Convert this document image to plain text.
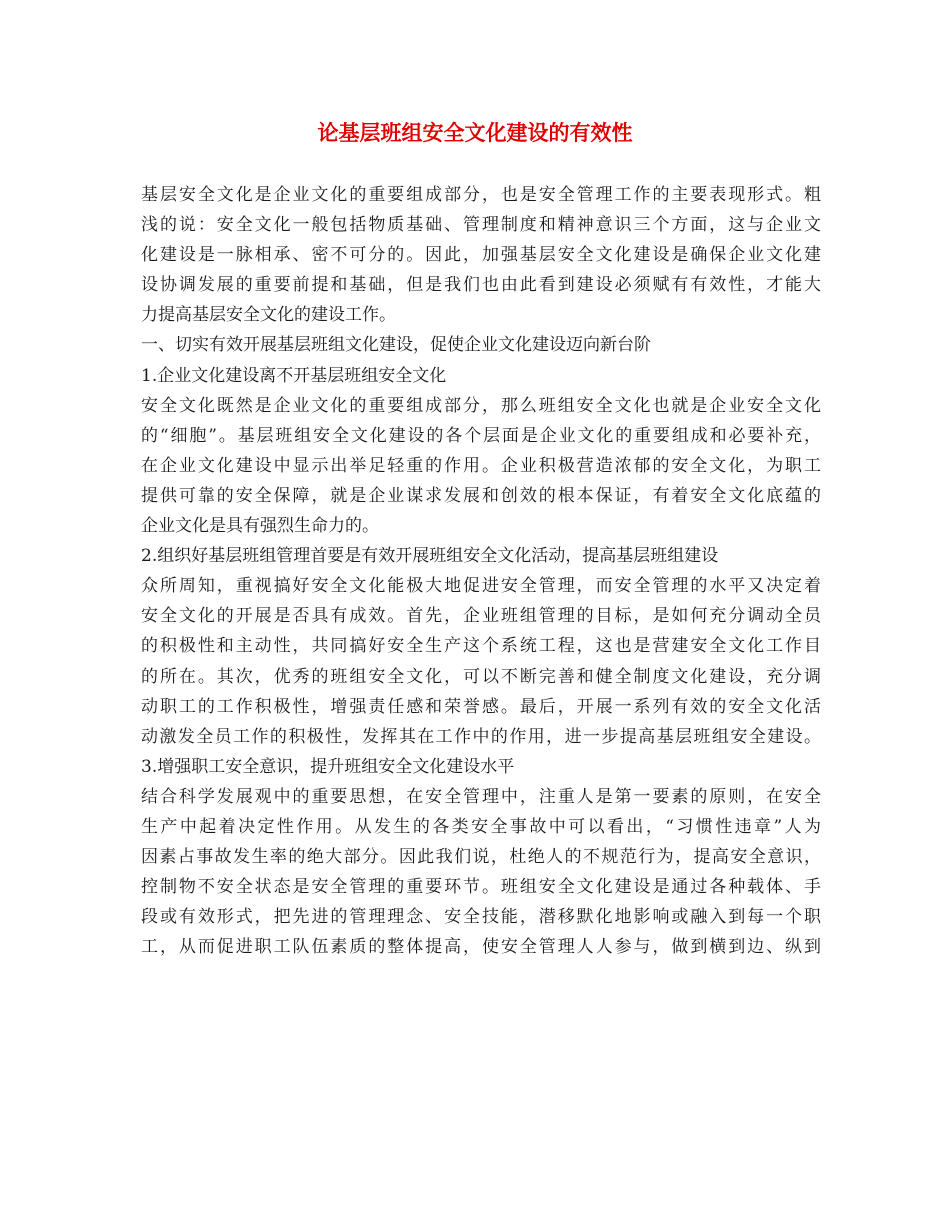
论基层班组安全文化建设的有效性
基层安全文化是企业文化的重要组成部分，也是安全管理工作的主要表现形式。粗
浅的说：安全文化一般包括物质基础、管理制度和精神意识三个方面，这与企业文
化建设是一脉相承、密不可分的。因此，加强基层安全文化建设是确保企业文化建
设协调发展的重要前提和基础，但是我们也由此看到建设必须赋有有效性，才能大
力提高基层安全文化的建设工作。
一、切实有效开展基层班组文化建设，促使企业文化建设迈向新台阶
1.企业文化建设离不开基层班组安全文化
安全文化既然是企业文化的重要组成部分，那么班组安全文化也就是企业安全文化
的“细胞”。基层班组安全文化建设的各个层面是企业文化的重要组成和必要补充，
在企业文化建设中显示出举足轻重的作用。企业积极营造浓郁的安全文化，为职工
提供可靠的安全保障，就是企业谋求发展和创效的根本保证，有着安全文化底蕴的
企业文化是具有强烈生命力的。
2.组织好基层班组管理首要是有效开展班组安全文化活动，提高基层班组建设
众所周知，重视搞好安全文化能极大地促进安全管理，而安全管理的水平又决定着
安全文化的开展是否具有成效。首先，企业班组管理的目标，是如何充分调动全员
的积极性和主动性，共同搞好安全生产这个系统工程，这也是营建安全文化工作目
的所在。其次，优秀的班组安全文化，可以不断完善和健全制度文化建设，充分调
动职工的工作积极性，增强责任感和荣誉感。最后，开展一系列有效的安全文化活
动激发全员工作的积极性，发挥其在工作中的作用，进一步提高基层班组安全建设。
3.增强职工安全意识，提升班组安全文化建设水平
结合科学发展观中的重要思想，在安全管理中，注重人是第一要素的原则，在安全
生产中起着决定性作用。从发生的各类安全事故中可以看出，“习惯性违章”人为
因素占事故发生率的绝大部分。因此我们说，杜绝人的不规范行为，提高安全意识，
控制物不安全状态是安全管理的重要环节。班组安全文化建设是通过各种载体、手
段或有效形式，把先进的管理理念、安全技能，潜移默化地影响或融入到每一个职
工，从而促进职工队伍素质的整体提高，使安全管理人人参与，做到横到边、纵到
